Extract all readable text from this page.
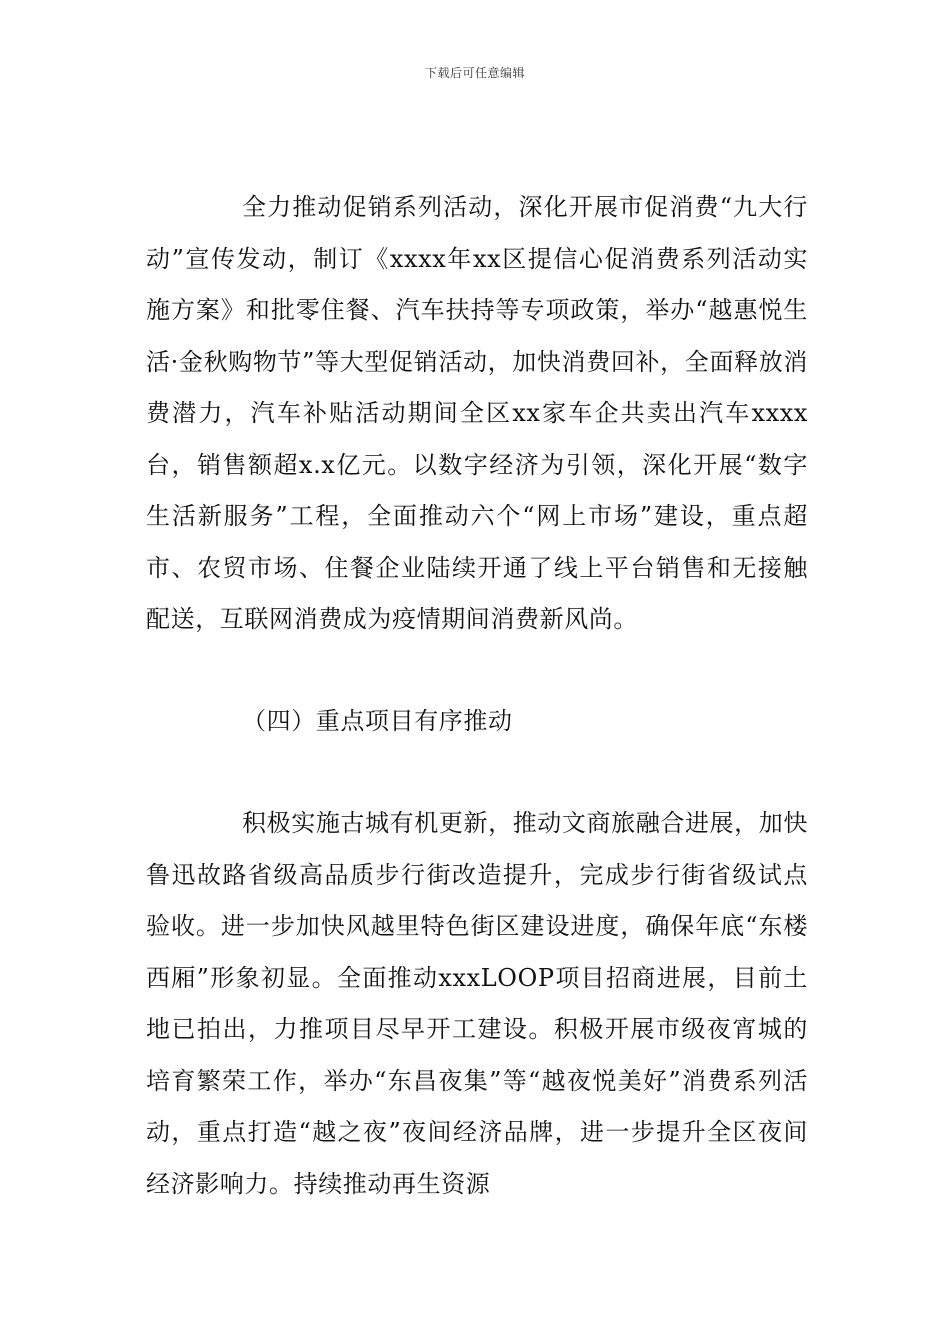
下载后可任意编辑

全力推动促销系列活动，深化开展市促消费“九大行动”宣传发动，制订《xxxx年xx区提信心促消费系列活动实施方案》和批零住餐、汽车扶持等专项政策，举办“越惠悦生活·金秋购物节”等大型促销活动，加快消费回补，全面释放消费潜力，汽车补贴活动期间全区xx家车企共卖出汽车xxxx台，销售额超x.x亿元。以数字经济为引领，深化开展“数字生活新服务”工程，全面推动六个“网上市场”建设，重点超市、农贸市场、住餐企业陆续开通了线上平台销售和无接触配送，互联网消费成为疫情期间消费新风尚。

（四）重点项目有序推动

积极实施古城有机更新，推动文商旅融合进展，加快鲁迅故路省级高品质步行街改造提升，完成步行街省级试点验收。进一步加快风越里特色街区建设进度，确保年底“东楼西厢”形象初显。全面推动xxxLOOP项目招商进展，目前土地已拍出，力推项目尽早开工建设。积极开展市级夜宵城的培育繁荣工作，举办“东昌夜集”等“越夜悦美好”消费系列活动，重点打造“越之夜”夜间经济品牌，进一步提升全区夜间经济影响力。持续推动再生资源
